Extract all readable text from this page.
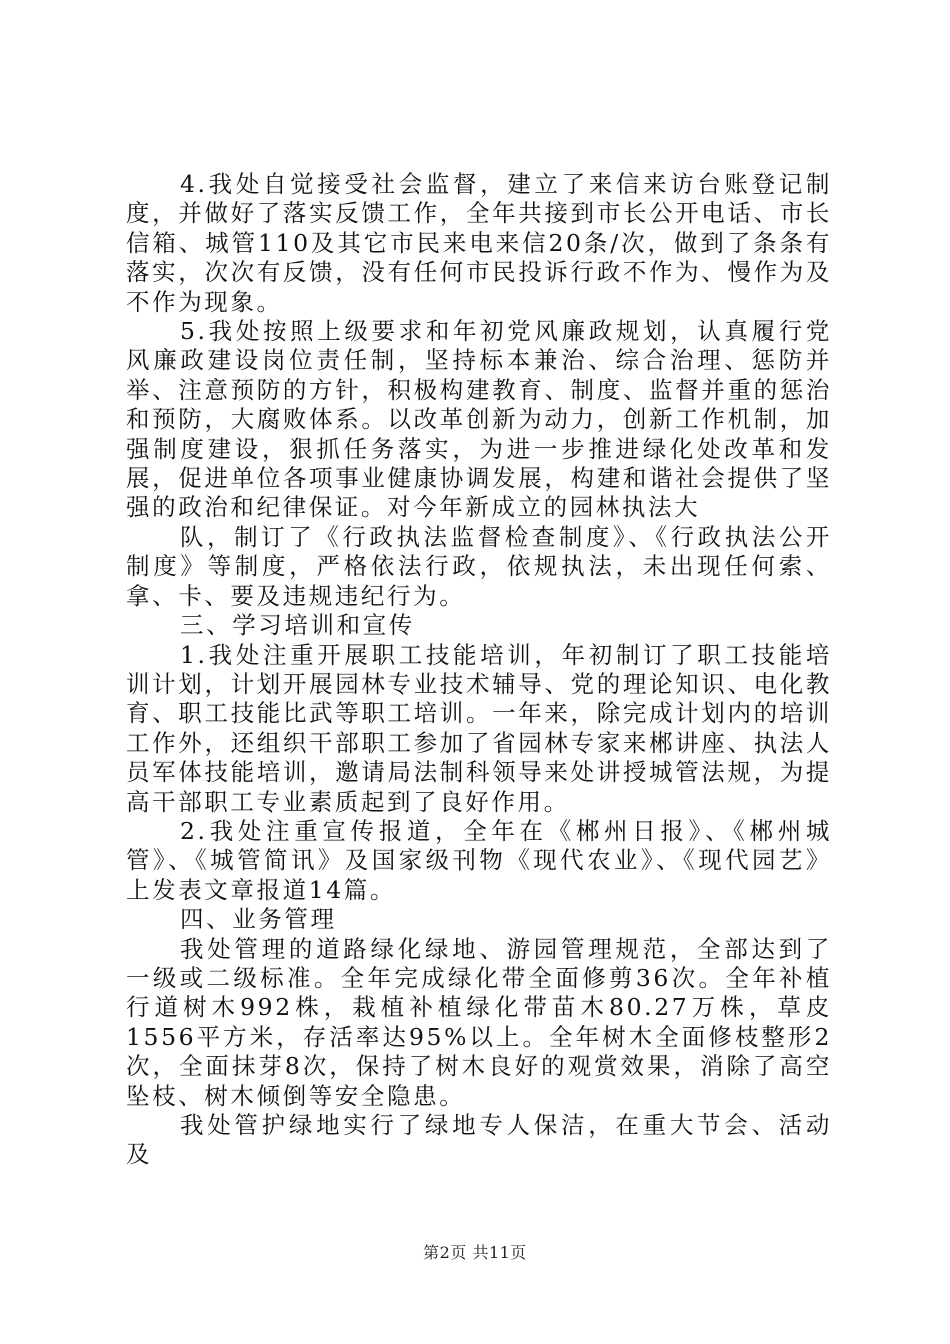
4.我处自觉接受社会监督，建立了来信来访台账登记制度，并做好了落实反馈工作，全年共接到市长公开电话、市长信箱、城管110及其它市民来电来信20条/次，做到了条条有落实，次次有反馈，没有任何市民投诉行政不作为、慢作为及不作为现象。

5.我处按照上级要求和年初党风廉政规划，认真履行党风廉政建设岗位责任制，坚持标本兼治、综合治理、惩防并举、注意预防的方针，积极构建教育、制度、监督并重的惩治和预防，大腐败体系。以改革创新为动力，创新工作机制，加强制度建设，狠抓任务落实，为进一步推进绿化处改革和发展，促进单位各项事业健康协调发展，构建和谐社会提供了坚强的政治和纪律保证。对今年新成立的园林执法大

队，制订了《行政执法监督检查制度》、《行政执法公开制度》等制度，严格依法行政，依规执法，未出现任何索、拿、卡、要及违规违纪行为。

三、学习培训和宣传

1.我处注重开展职工技能培训，年初制订了职工技能培训计划，计划开展园林专业技术辅导、党的理论知识、电化教育、职工技能比武等职工培训。一年来，除完成计划内的培训工作外，还组织干部职工参加了省园林专家来郴讲座、执法人员军体技能培训，邀请局法制科领导来处讲授城管法规，为提高干部职工专业素质起到了良好作用。

2.我处注重宣传报道，全年在《郴州日报》、《郴州城管》、《城管简讯》及国家级刊物《现代农业》、《现代园艺》上发表文章报道14篇。

四、业务管理

我处管理的道路绿化绿地、游园管理规范，全部达到了一级或二级标准。全年完成绿化带全面修剪36次。全年补植行道树木992株，栽植补植绿化带苗木80.27万株，草皮1556平方米，存活率达95%以上。全年树木全面修枝整形2次，全面抹芽8次，保持了树木良好的观赏效果，消除了高空坠枝、树木倾倒等安全隐患。

我处管护绿地实行了绿地专人保洁，在重大节会、活动及

第2页 共11页
